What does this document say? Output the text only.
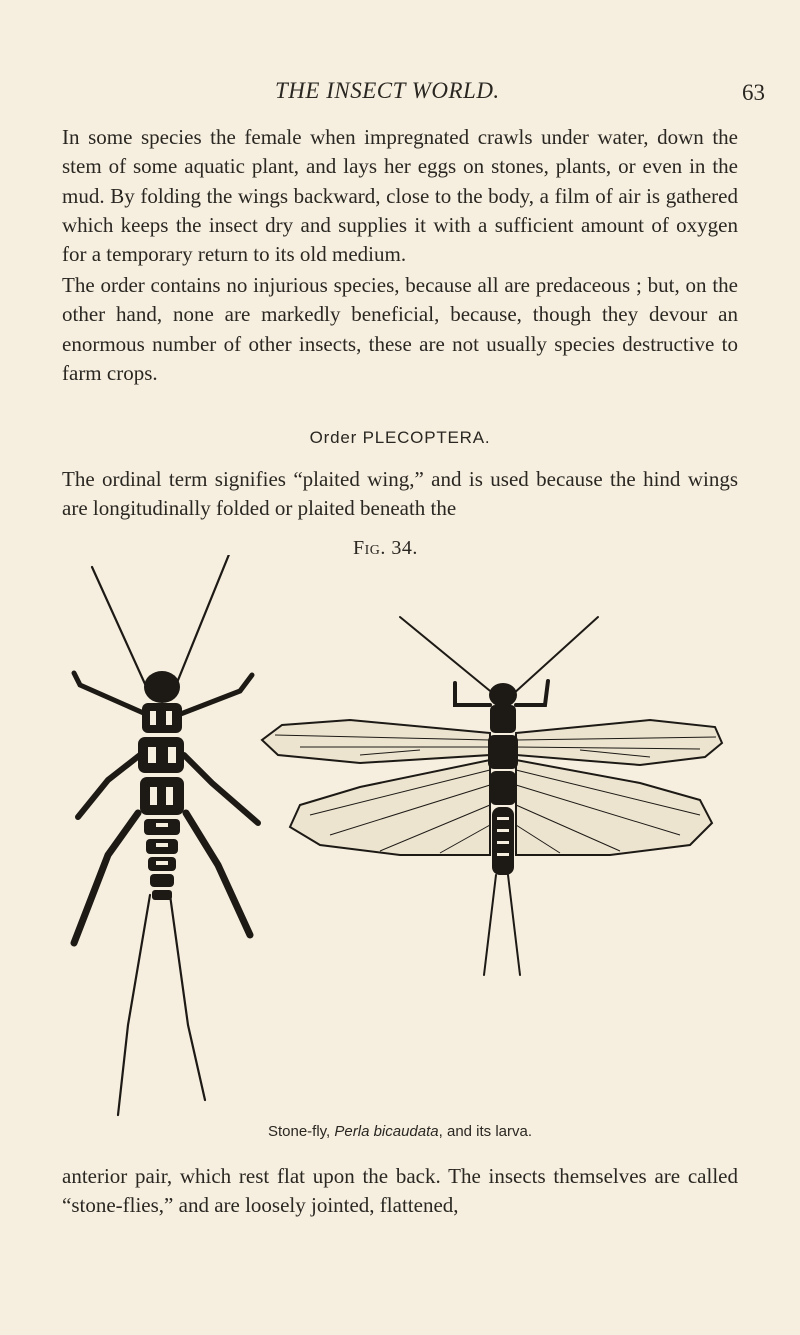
THE INSECT WORLD.	63

In some species the female when impregnated crawls under water, down the stem of some aquatic plant, and lays her eggs on stones, plants, or even in the mud. By folding the wings backward, close to the body, a film of air is gathered which keeps the insect dry and supplies it with a sufficient amount of oxygen for a temporary return to its old medium.

The order contains no injurious species, because all are predaceous ; but, on the other hand, none are markedly beneficial, because, though they devour an enormous number of other insects, these are not usually species destructive to farm crops.

Order PLECOPTERA.

The ordinal term signifies “plaited wing,” and is used because the hind wings are longitudinally folded or plaited beneath the

Fig. 34.
Stone-fly, Perla bicaudata, and its larva.

anterior pair, which rest flat upon the back. The insects themselves are called “stone-flies,” and are loosely jointed, flattened,
